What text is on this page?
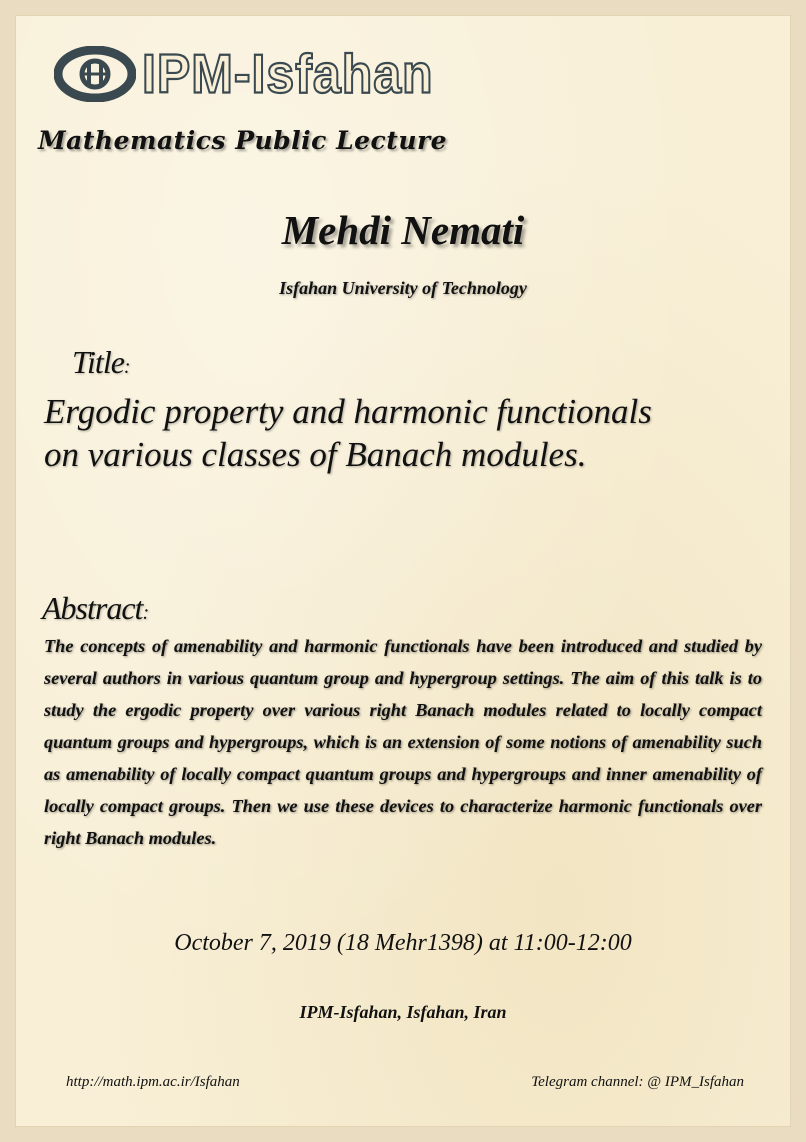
IPM-Isfahan
Mathematics Public Lecture
Mehdi Nemati
Isfahan University of Technology
Title:
Ergodic property and harmonic functionals
on various classes of Banach modules.
Abstract:

The concepts of amenability and harmonic functionals have been introduced and studied by several authors in various quantum group and hypergroup settings. The aim of this talk is to study the ergodic property over various right Banach modules related to locally compact quantum groups and hypergroups, which is an extension of some notions of amenability such as amenability of locally compact quantum groups and hypergroups and inner amenability of locally compact groups. Then we use these devices to characterize harmonic functionals over right Banach modules.

October 7, 2019 (18 Mehr1398) at 11:00-12:00
IPM-Isfahan, Isfahan, Iran
http://math.ipm.ac.ir/Isfahan	Telegram channel: @ IPM_Isfahan
